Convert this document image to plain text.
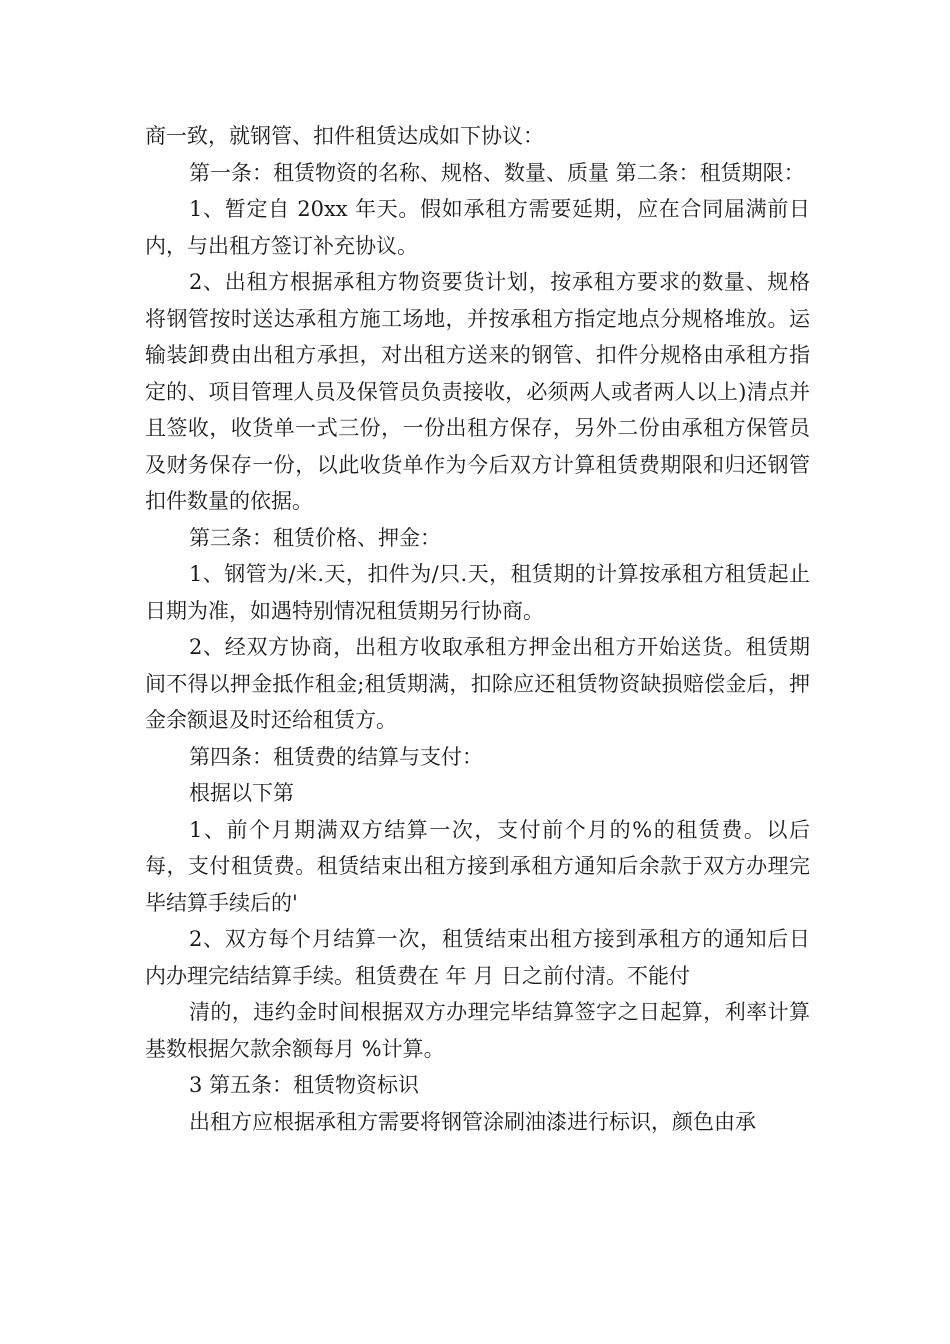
商一致，就钢管、扣件租赁达成如下协议：

第一条：租赁物资的名称、规格、数量、质量 第二条：租赁期限：

1、暂定自 20xx 年天。假如承租方需要延期，应在合同届满前日内，与出租方签订补充协议。

2、出租方根据承租方物资要货计划，按承租方要求的数量、规格将钢管按时送达承租方施工场地，并按承租方指定地点分规格堆放。运输装卸费由出租方承担，对出租方送来的钢管、扣件分规格由承租方指定的、项目管理人员及保管员负责接收，必须两人或者两人以上)清点并且签收，收货单一式三份，一份出租方保存，另外二份由承租方保管员及财务保存一份，以此收货单作为今后双方计算租赁费期限和归还钢管扣件数量的依据。

第三条：租赁价格、押金：

1、钢管为/米.天，扣件为/只.天，租赁期的计算按承租方租赁起止日期为准，如遇特别情况租赁期另行协商。

2、经双方协商，出租方收取承租方押金出租方开始送货。租赁期间不得以押金抵作租金;租赁期满，扣除应还租赁物资缺损赔偿金后，押金余额退及时还给租赁方。

第四条：租赁费的结算与支付：

根据以下第

1、前个月期满双方结算一次，支付前个月的%的租赁费。以后每，支付租赁费。租赁结束出租方接到承租方通知后余款于双方办理完毕结算手续后的'

2、双方每个月结算一次，租赁结束出租方接到承租方的通知后日内办理完结结算手续。租赁费在 年 月 日之前付清。不能付

清的，违约金时间根据双方办理完毕结算签字之日起算，利率计算基数根据欠款余额每月 %计算。

3 第五条：租赁物资标识

出租方应根据承租方需要将钢管涂刷油漆进行标识，颜色由承
